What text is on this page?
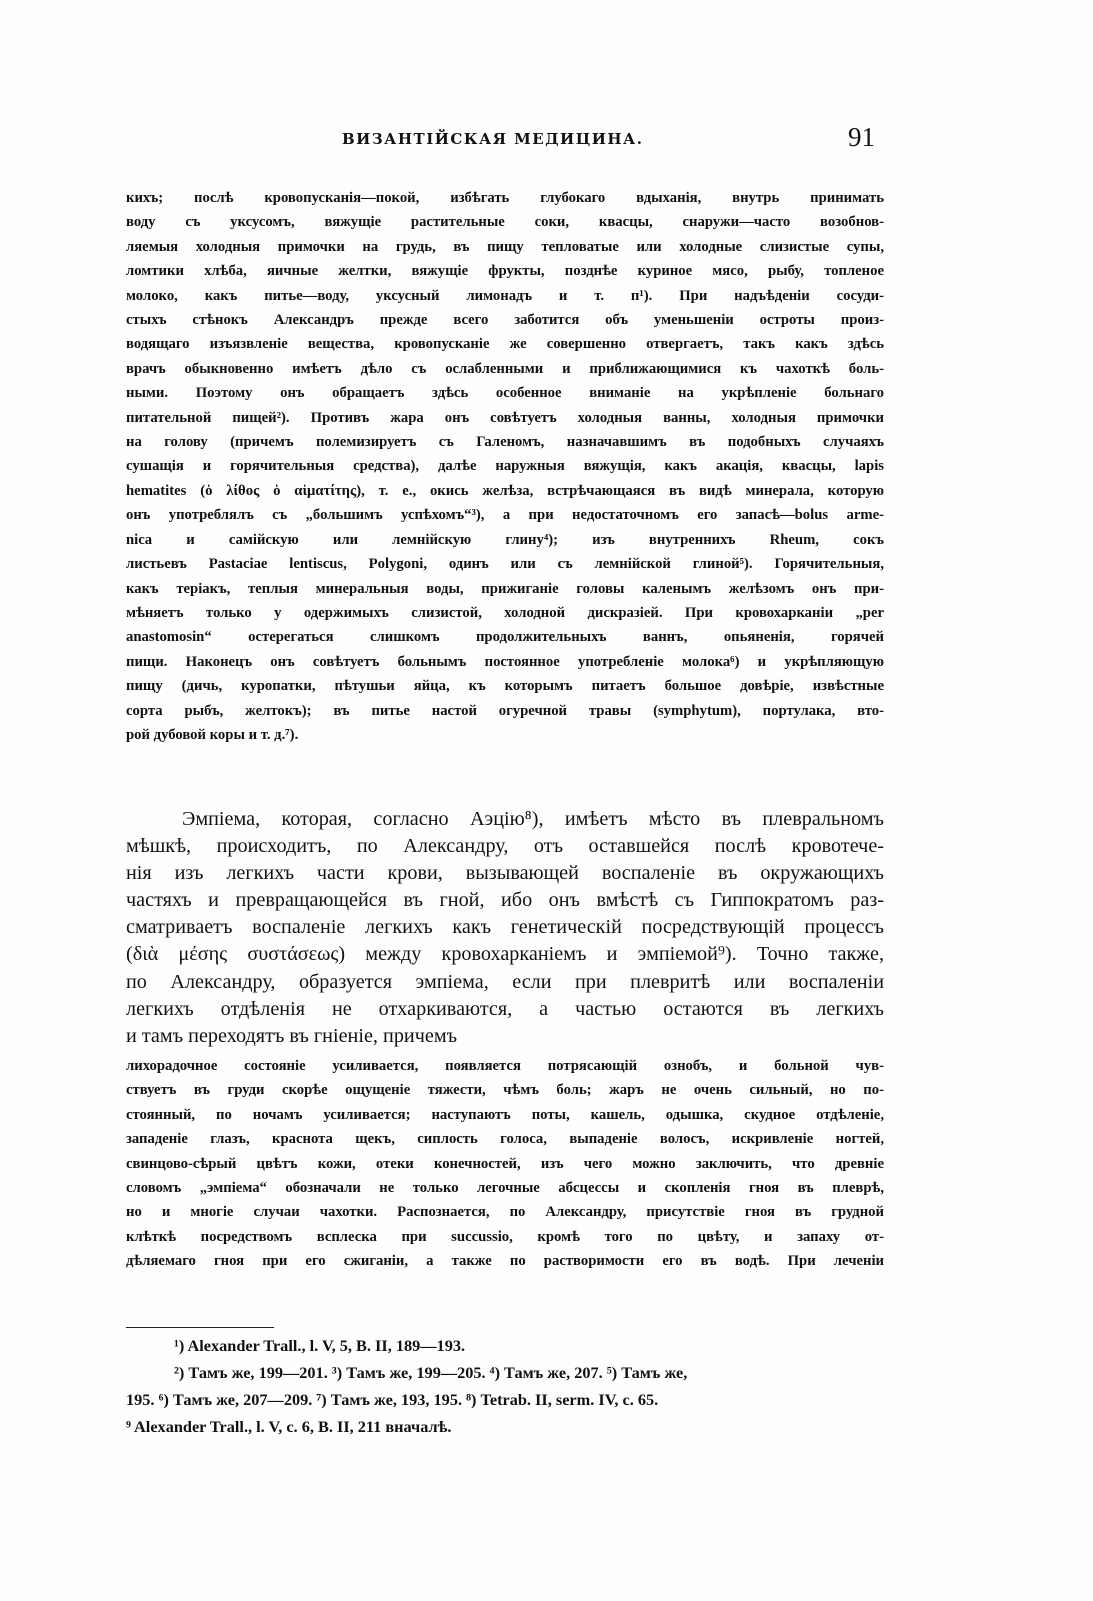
ВИЗАНТІЙСКАЯ МЕДИЦИНА.	91
кихъ; послѣ кровопусканія—покой, избѣгать глубокаго вдыханія, внутрь принимать
воду съ уксусомъ, вяжущіе растительные соки, квасцы, снаружи—часто возобнов-
ляемыя холодныя примочки на грудь, въ пищу тепловатые или холодные слизистые супы,
ломтики хлѣба, яичные желтки, вяжущіе фрукты, позднѣе куриное мясо, рыбу, топленое
молоко, какъ питье—воду, уксусный лимонадъ и т. п¹). При надъѣденіи сосуди-
стыхъ стѣнокъ Александръ прежде всего заботится объ уменьшеніи остроты произ-
водящаго изъязвленіе вещества, кровопусканіе же совершенно отвергаетъ, такъ какъ здѣсь
врачъ обыкновенно имѣетъ дѣло съ ослабленными и приближающимися къ чахоткѣ боль-
ными. Поэтому онъ обращаетъ здѣсь особенное вниманіе на укрѣпленіе больнаго
питательной пищей²). Противъ жара онъ совѣтуетъ холодныя ванны, холодныя примочки
на голову (причемъ полемизируетъ съ Галеномъ, назначавшимъ въ подобныхъ случаяхъ
сушащія и горячительныя средства), далѣе наружныя вяжущія, какъ акація, квасцы, lapis
hematites (ὁ λίθος ὁ αἱματίτης), т. е., окись желѣза, встрѣчающаяся въ видѣ минерала, которую
онъ употреблялъ съ „большимъ успѣхомъ“³), а при недостаточномъ его запасѣ—bolus arme-
nica и самійскую или лемнійскую глину⁴); изъ внутреннихъ Rheum, сокъ
листьевъ Pastaciae lentiscus, Polygoni, одинъ или съ лемнійской глиной⁵). Горячительныя,
какъ теріакъ, теплыя минеральныя воды, прижиганіе головы каленымъ желѣзомъ онъ при-
мѣняетъ только у одержимыхъ слизистой, холодной дискразіей. При кровохарканіи „per
anastomosin“ остерегаться слишкомъ продолжительныхъ ваннъ, опьяненія, горячей
пищи. Наконецъ онъ совѣтуетъ больнымъ постоянное употребленіе молока⁶) и укрѣпляющую
пищу (дичь, куропатки, пѣтушьи яйца, къ которымъ питаетъ большое довѣріе, извѣстные
сорта рыбъ, желтокъ); въ питье настой огуречной травы (symphytum), портулака, вто-
рой дубовой коры и т. д.⁷).
Эмпіема, которая, согласно Аэцію⁸), имѣетъ мѣсто въ плевральномъ
мѣшкѣ, происходитъ, по Александру, отъ оставшейся послѣ кровотече-
нія изъ легкихъ части крови, вызывающей воспаленіе въ окружающихъ
частяхъ и превращающейся въ гной, ибо онъ вмѣстѣ съ Гиппократомъ раз-
сматриваетъ воспаленіе легкихъ какъ генетическій посредствующій процессъ
(διὰ μέσης συστάσεως) между кровохарканіемъ и эмпіемой⁹). Точно также,
по Александру, образуется эмпіема, если при плевритѣ или воспаленіи
легкихъ отдѣленія не отхаркиваются, а частью остаются въ легкихъ
и тамъ переходятъ въ гніеніе, причемъ
лихорадочное состояніе усиливается, появляется потрясающій ознобъ, и больной чув-
ствуетъ въ груди скорѣе ощущеніе тяжести, чѣмъ боль; жаръ не очень сильный, но по-
стоянный, по ночамъ усиливается; наступаютъ поты, кашель, одышка, скудное отдѣленіе,
западеніе глазъ, краснота щекъ, сиплость голоса, выпаденіе волосъ, искривленіе ногтей,
свинцово-сѣрый цвѣтъ кожи, отеки конечностей, изъ чего можно заключить, что древніе
словомъ „эмпіема“ обозначали не только легочные абсцессы и скопленія гноя въ плеврѣ,
но и многіе случаи чахотки. Распознается, по Александру, присутствіе гноя въ грудной
клѣткѣ посредствомъ всплеска при succussio, кромѣ того по цвѣту, и запаху от-
дѣляемаго гноя при его сжиганіи, а также по растворимости его въ водѣ. При леченіи
¹) Alexander Trall., l. V, 5, B. II, 189—193.
²) Тамъ же, 199—201. ³) Тамъ же, 199—205. ⁴) Тамъ же, 207. ⁵) Тамъ же,
195. ⁶) Тамъ же, 207—209. ⁷) Тамъ же, 193, 195. ⁸) Tetrab. II, serm. IV, c. 65.
⁹ Alexander Trall., l. V, c. 6, B. II, 211 вначалѣ.
